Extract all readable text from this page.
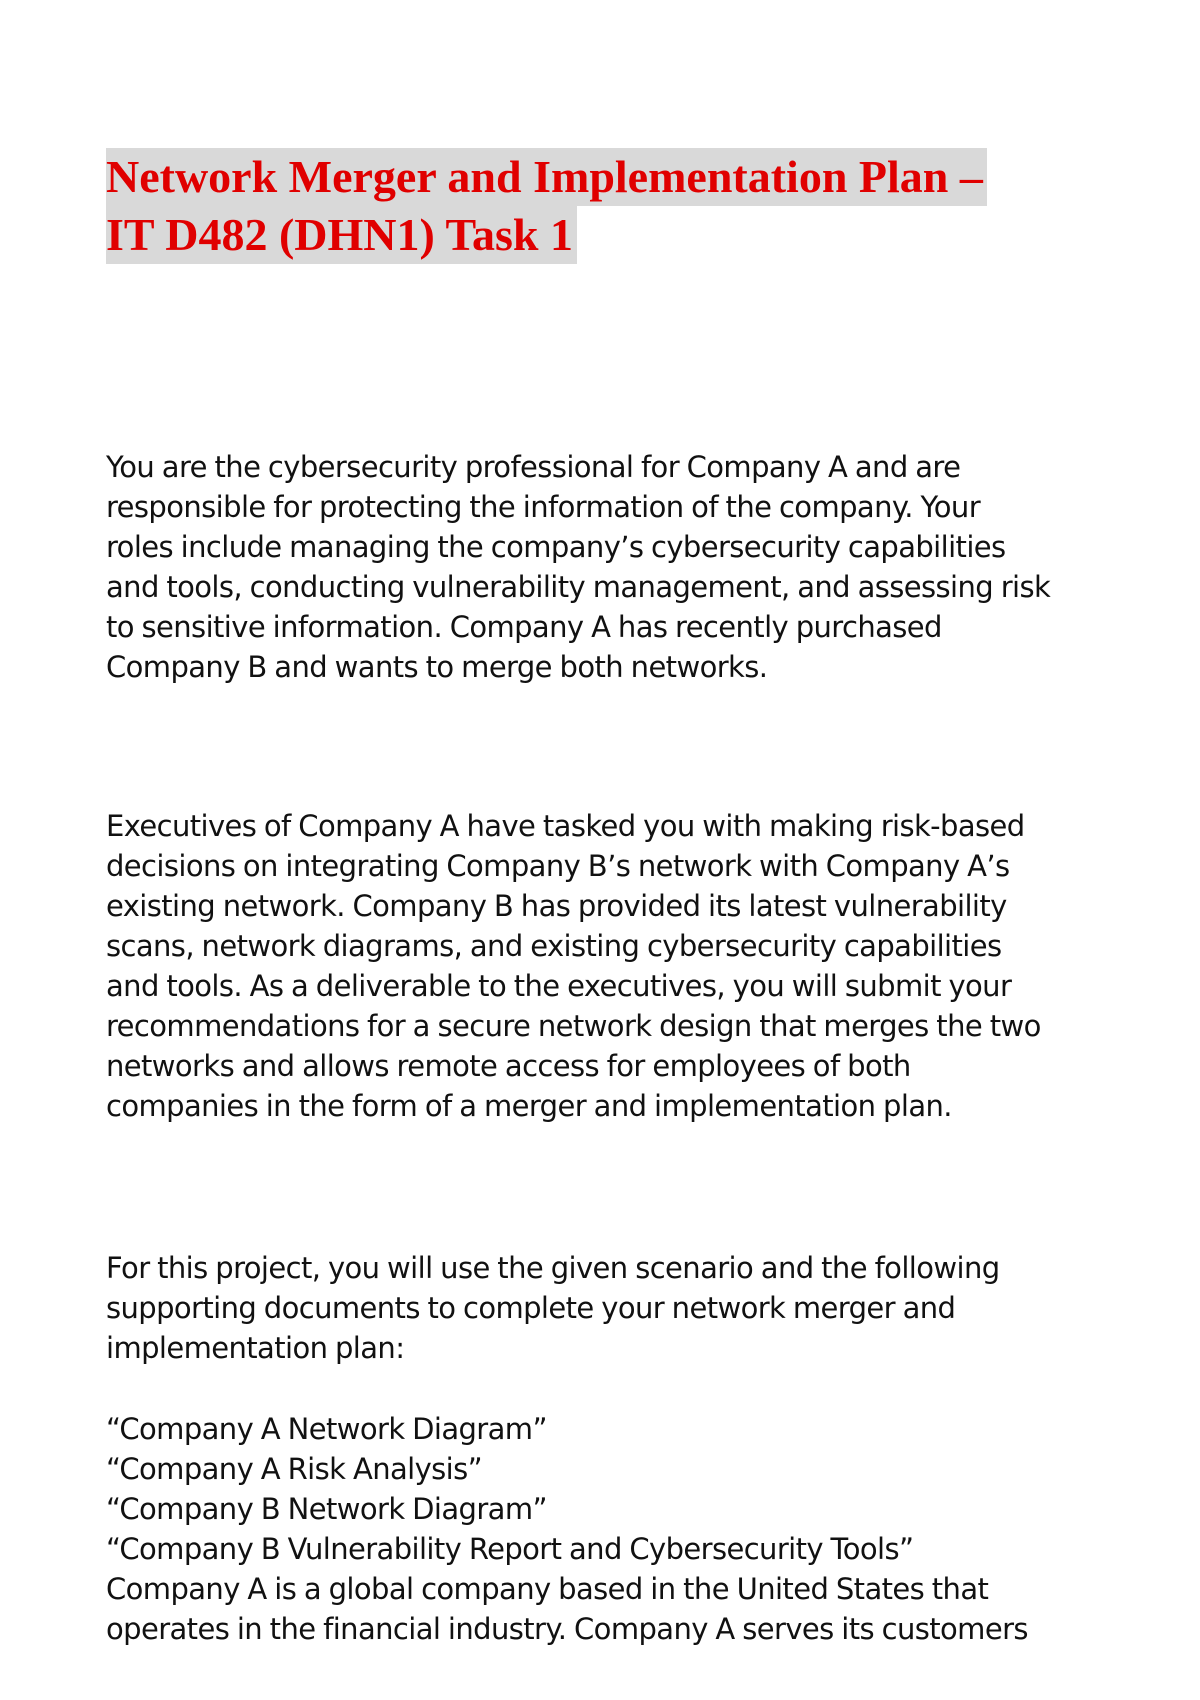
Network Merger and Implementation Plan –
IT D482 (DHN1) Task 1

You are the cybersecurity professional for Company A and are
responsible for protecting the information of the company. Your
roles include managing the company’s cybersecurity capabilities
and tools, conducting vulnerability management, and assessing risk
to sensitive information. Company A has recently purchased
Company B and wants to merge both networks.

Executives of Company A have tasked you with making risk-based
decisions on integrating Company B’s network with Company A’s
existing network. Company B has provided its latest vulnerability
scans, network diagrams, and existing cybersecurity capabilities
and tools. As a deliverable to the executives, you will submit your
recommendations for a secure network design that merges the two
networks and allows remote access for employees of both
companies in the form of a merger and implementation plan.

For this project, you will use the given scenario and the following
supporting documents to complete your network merger and
implementation plan:

“Company A Network Diagram”
“Company A Risk Analysis”
“Company B Network Diagram”
“Company B Vulnerability Report and Cybersecurity Tools”
Company A is a global company based in the United States that
operates in the financial industry. Company A serves its customers
